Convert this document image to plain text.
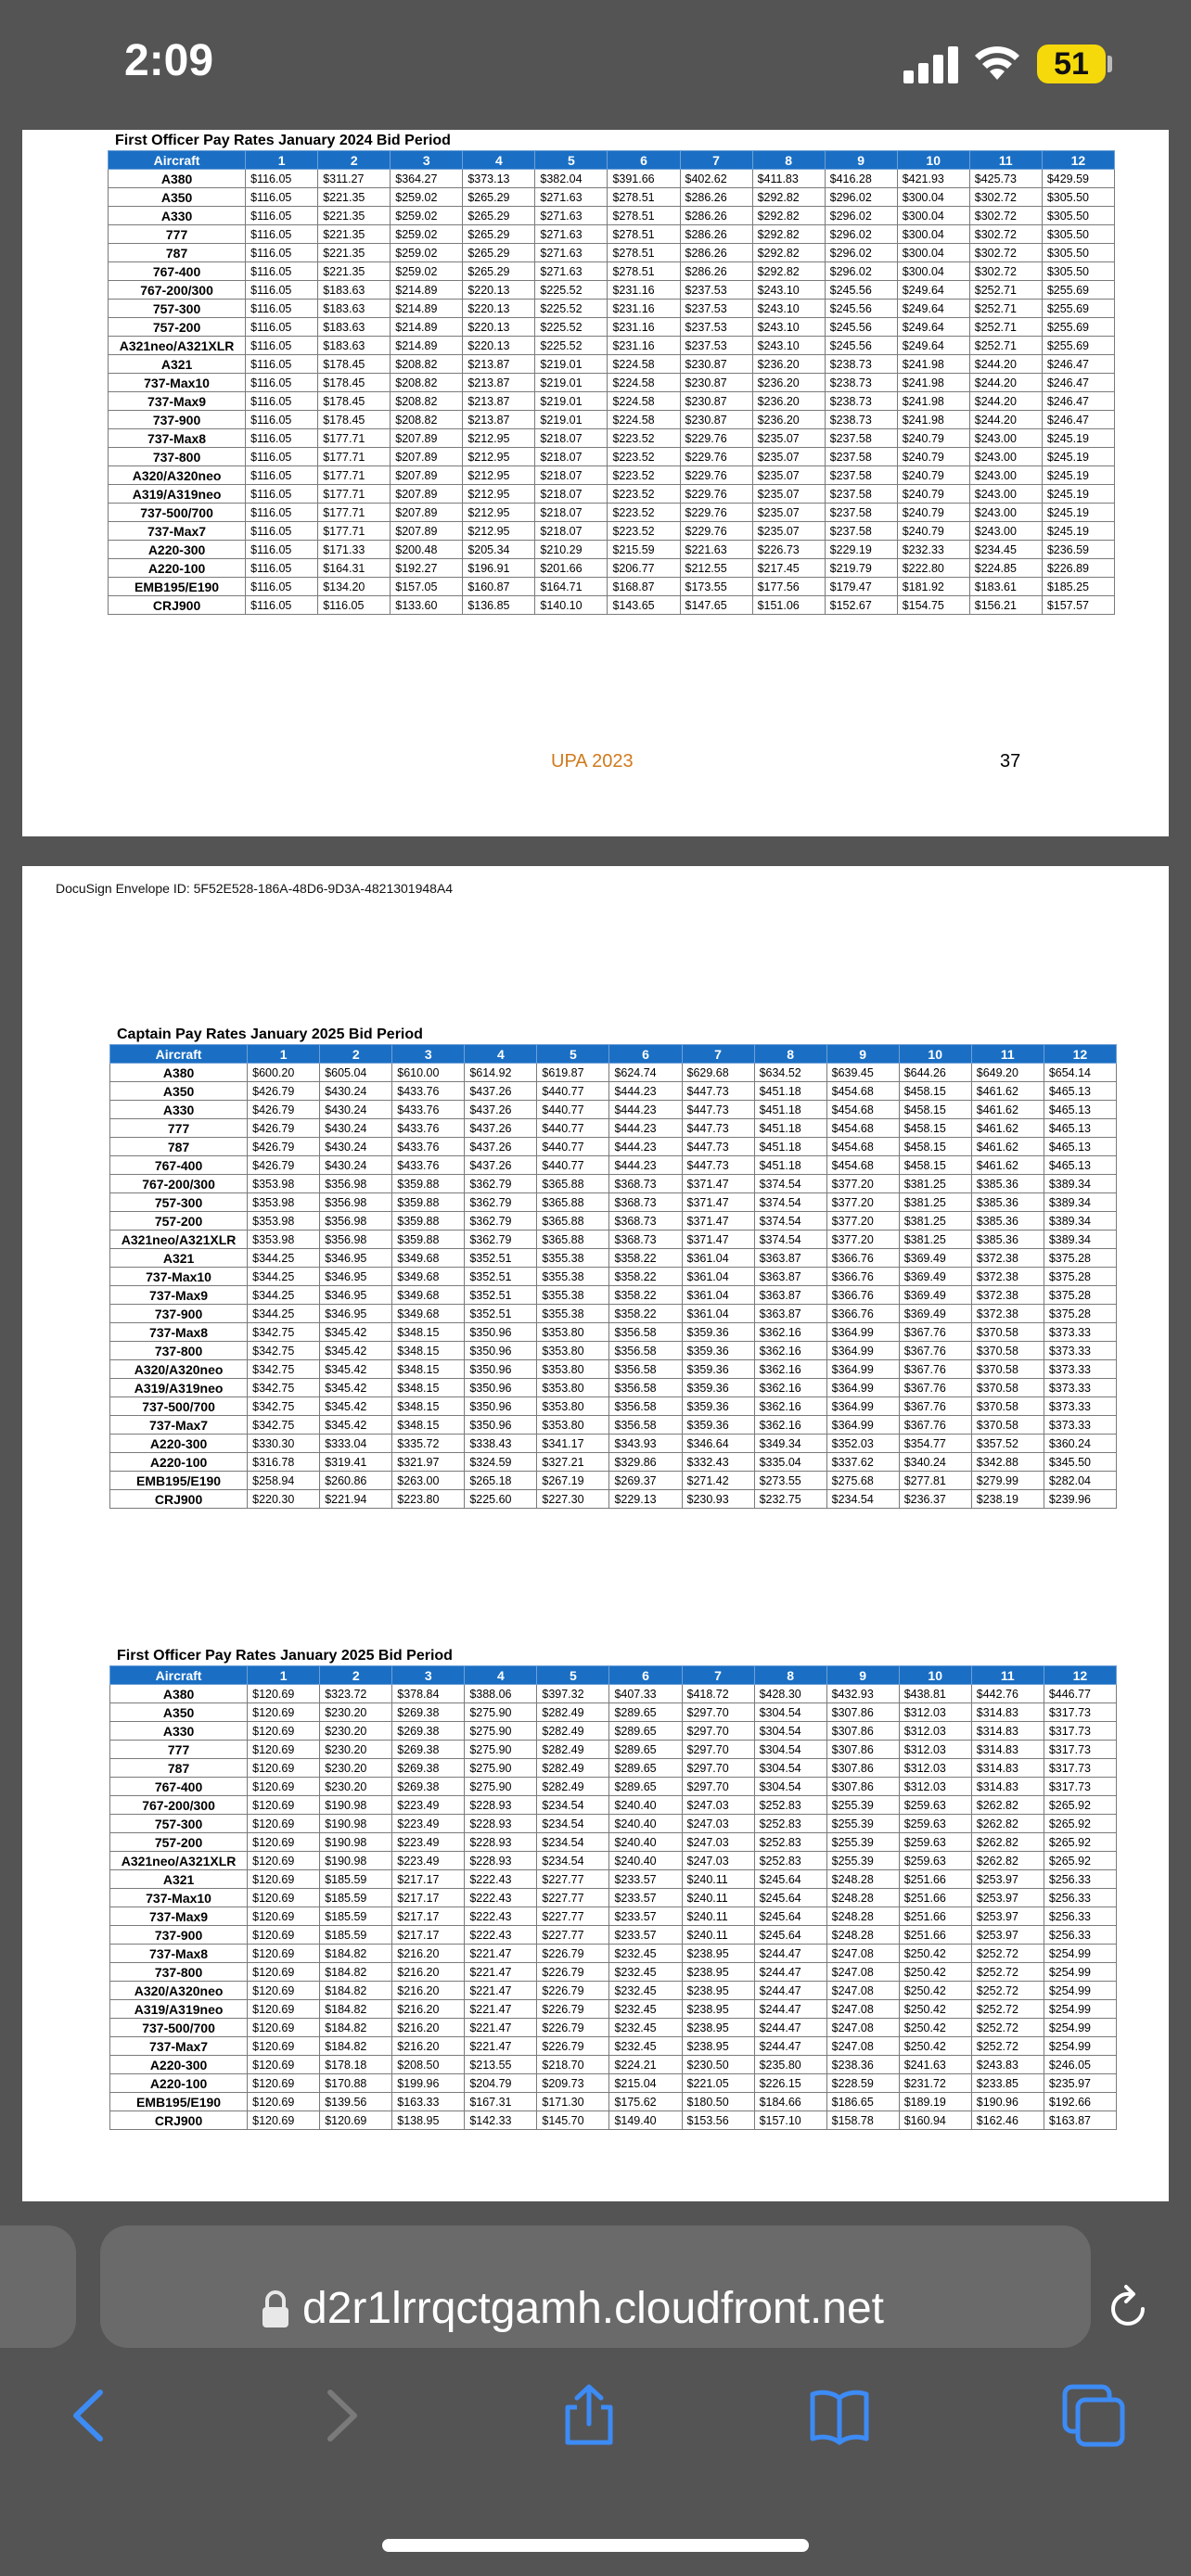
2:09	51
First Officer Pay Rates January 2024 Bid Period
Aircraft	1	2	3	4	5	6	7	8	9	10	11	12
A380	$116.05	$311.27	$364.27	$373.13	$382.04	$391.66	$402.62	$411.83	$416.28	$421.93	$425.73	$429.59
A350	$116.05	$221.35	$259.02	$265.29	$271.63	$278.51	$286.26	$292.82	$296.02	$300.04	$302.72	$305.50
A330	$116.05	$221.35	$259.02	$265.29	$271.63	$278.51	$286.26	$292.82	$296.02	$300.04	$302.72	$305.50
777	$116.05	$221.35	$259.02	$265.29	$271.63	$278.51	$286.26	$292.82	$296.02	$300.04	$302.72	$305.50
787	$116.05	$221.35	$259.02	$265.29	$271.63	$278.51	$286.26	$292.82	$296.02	$300.04	$302.72	$305.50
767-400	$116.05	$221.35	$259.02	$265.29	$271.63	$278.51	$286.26	$292.82	$296.02	$300.04	$302.72	$305.50
767-200/300	$116.05	$183.63	$214.89	$220.13	$225.52	$231.16	$237.53	$243.10	$245.56	$249.64	$252.71	$255.69
757-300	$116.05	$183.63	$214.89	$220.13	$225.52	$231.16	$237.53	$243.10	$245.56	$249.64	$252.71	$255.69
757-200	$116.05	$183.63	$214.89	$220.13	$225.52	$231.16	$237.53	$243.10	$245.56	$249.64	$252.71	$255.69
A321neo/A321XLR	$116.05	$183.63	$214.89	$220.13	$225.52	$231.16	$237.53	$243.10	$245.56	$249.64	$252.71	$255.69
A321	$116.05	$178.45	$208.82	$213.87	$219.01	$224.58	$230.87	$236.20	$238.73	$241.98	$244.20	$246.47
737-Max10	$116.05	$178.45	$208.82	$213.87	$219.01	$224.58	$230.87	$236.20	$238.73	$241.98	$244.20	$246.47
737-Max9	$116.05	$178.45	$208.82	$213.87	$219.01	$224.58	$230.87	$236.20	$238.73	$241.98	$244.20	$246.47
737-900	$116.05	$178.45	$208.82	$213.87	$219.01	$224.58	$230.87	$236.20	$238.73	$241.98	$244.20	$246.47
737-Max8	$116.05	$177.71	$207.89	$212.95	$218.07	$223.52	$229.76	$235.07	$237.58	$240.79	$243.00	$245.19
737-800	$116.05	$177.71	$207.89	$212.95	$218.07	$223.52	$229.76	$235.07	$237.58	$240.79	$243.00	$245.19
A320/A320neo	$116.05	$177.71	$207.89	$212.95	$218.07	$223.52	$229.76	$235.07	$237.58	$240.79	$243.00	$245.19
A319/A319neo	$116.05	$177.71	$207.89	$212.95	$218.07	$223.52	$229.76	$235.07	$237.58	$240.79	$243.00	$245.19
737-500/700	$116.05	$177.71	$207.89	$212.95	$218.07	$223.52	$229.76	$235.07	$237.58	$240.79	$243.00	$245.19
737-Max7	$116.05	$177.71	$207.89	$212.95	$218.07	$223.52	$229.76	$235.07	$237.58	$240.79	$243.00	$245.19
A220-300	$116.05	$171.33	$200.48	$205.34	$210.29	$215.59	$221.63	$226.73	$229.19	$232.33	$234.45	$236.59
A220-100	$116.05	$164.31	$192.27	$196.91	$201.66	$206.77	$212.55	$217.45	$219.79	$222.80	$224.85	$226.89
EMB195/E190	$116.05	$134.20	$157.05	$160.87	$164.71	$168.87	$173.55	$177.56	$179.47	$181.92	$183.61	$185.25
CRJ900	$116.05	$116.05	$133.60	$136.85	$140.10	$143.65	$147.65	$151.06	$152.67	$154.75	$156.21	$157.57
UPA 2023	37
DocuSign Envelope ID: 5F52E528-186A-48D6-9D3A-4821301948A4
Captain Pay Rates January 2025 Bid Period
Aircraft	1	2	3	4	5	6	7	8	9	10	11	12
A380	$600.20	$605.04	$610.00	$614.92	$619.87	$624.74	$629.68	$634.52	$639.45	$644.26	$649.20	$654.14
A350	$426.79	$430.24	$433.76	$437.26	$440.77	$444.23	$447.73	$451.18	$454.68	$458.15	$461.62	$465.13
A330	$426.79	$430.24	$433.76	$437.26	$440.77	$444.23	$447.73	$451.18	$454.68	$458.15	$461.62	$465.13
777	$426.79	$430.24	$433.76	$437.26	$440.77	$444.23	$447.73	$451.18	$454.68	$458.15	$461.62	$465.13
787	$426.79	$430.24	$433.76	$437.26	$440.77	$444.23	$447.73	$451.18	$454.68	$458.15	$461.62	$465.13
767-400	$426.79	$430.24	$433.76	$437.26	$440.77	$444.23	$447.73	$451.18	$454.68	$458.15	$461.62	$465.13
767-200/300	$353.98	$356.98	$359.88	$362.79	$365.88	$368.73	$371.47	$374.54	$377.20	$381.25	$385.36	$389.34
757-300	$353.98	$356.98	$359.88	$362.79	$365.88	$368.73	$371.47	$374.54	$377.20	$381.25	$385.36	$389.34
757-200	$353.98	$356.98	$359.88	$362.79	$365.88	$368.73	$371.47	$374.54	$377.20	$381.25	$385.36	$389.34
A321neo/A321XLR	$353.98	$356.98	$359.88	$362.79	$365.88	$368.73	$371.47	$374.54	$377.20	$381.25	$385.36	$389.34
A321	$344.25	$346.95	$349.68	$352.51	$355.38	$358.22	$361.04	$363.87	$366.76	$369.49	$372.38	$375.28
737-Max10	$344.25	$346.95	$349.68	$352.51	$355.38	$358.22	$361.04	$363.87	$366.76	$369.49	$372.38	$375.28
737-Max9	$344.25	$346.95	$349.68	$352.51	$355.38	$358.22	$361.04	$363.87	$366.76	$369.49	$372.38	$375.28
737-900	$344.25	$346.95	$349.68	$352.51	$355.38	$358.22	$361.04	$363.87	$366.76	$369.49	$372.38	$375.28
737-Max8	$342.75	$345.42	$348.15	$350.96	$353.80	$356.58	$359.36	$362.16	$364.99	$367.76	$370.58	$373.33
737-800	$342.75	$345.42	$348.15	$350.96	$353.80	$356.58	$359.36	$362.16	$364.99	$367.76	$370.58	$373.33
A320/A320neo	$342.75	$345.42	$348.15	$350.96	$353.80	$356.58	$359.36	$362.16	$364.99	$367.76	$370.58	$373.33
A319/A319neo	$342.75	$345.42	$348.15	$350.96	$353.80	$356.58	$359.36	$362.16	$364.99	$367.76	$370.58	$373.33
737-500/700	$342.75	$345.42	$348.15	$350.96	$353.80	$356.58	$359.36	$362.16	$364.99	$367.76	$370.58	$373.33
737-Max7	$342.75	$345.42	$348.15	$350.96	$353.80	$356.58	$359.36	$362.16	$364.99	$367.76	$370.58	$373.33
A220-300	$330.30	$333.04	$335.72	$338.43	$341.17	$343.93	$346.64	$349.34	$352.03	$354.77	$357.52	$360.24
A220-100	$316.78	$319.41	$321.97	$324.59	$327.21	$329.86	$332.43	$335.04	$337.62	$340.24	$342.88	$345.50
EMB195/E190	$258.94	$260.86	$263.00	$265.18	$267.19	$269.37	$271.42	$273.55	$275.68	$277.81	$279.99	$282.04
CRJ900	$220.30	$221.94	$223.80	$225.60	$227.30	$229.13	$230.93	$232.75	$234.54	$236.37	$238.19	$239.96
First Officer Pay Rates January 2025 Bid Period
Aircraft	1	2	3	4	5	6	7	8	9	10	11	12
A380	$120.69	$323.72	$378.84	$388.06	$397.32	$407.33	$418.72	$428.30	$432.93	$438.81	$442.76	$446.77
A350	$120.69	$230.20	$269.38	$275.90	$282.49	$289.65	$297.70	$304.54	$307.86	$312.03	$314.83	$317.73
A330	$120.69	$230.20	$269.38	$275.90	$282.49	$289.65	$297.70	$304.54	$307.86	$312.03	$314.83	$317.73
777	$120.69	$230.20	$269.38	$275.90	$282.49	$289.65	$297.70	$304.54	$307.86	$312.03	$314.83	$317.73
787	$120.69	$230.20	$269.38	$275.90	$282.49	$289.65	$297.70	$304.54	$307.86	$312.03	$314.83	$317.73
767-400	$120.69	$230.20	$269.38	$275.90	$282.49	$289.65	$297.70	$304.54	$307.86	$312.03	$314.83	$317.73
767-200/300	$120.69	$190.98	$223.49	$228.93	$234.54	$240.40	$247.03	$252.83	$255.39	$259.63	$262.82	$265.92
757-300	$120.69	$190.98	$223.49	$228.93	$234.54	$240.40	$247.03	$252.83	$255.39	$259.63	$262.82	$265.92
757-200	$120.69	$190.98	$223.49	$228.93	$234.54	$240.40	$247.03	$252.83	$255.39	$259.63	$262.82	$265.92
A321neo/A321XLR	$120.69	$190.98	$223.49	$228.93	$234.54	$240.40	$247.03	$252.83	$255.39	$259.63	$262.82	$265.92
A321	$120.69	$185.59	$217.17	$222.43	$227.77	$233.57	$240.11	$245.64	$248.28	$251.66	$253.97	$256.33
737-Max10	$120.69	$185.59	$217.17	$222.43	$227.77	$233.57	$240.11	$245.64	$248.28	$251.66	$253.97	$256.33
737-Max9	$120.69	$185.59	$217.17	$222.43	$227.77	$233.57	$240.11	$245.64	$248.28	$251.66	$253.97	$256.33
737-900	$120.69	$185.59	$217.17	$222.43	$227.77	$233.57	$240.11	$245.64	$248.28	$251.66	$253.97	$256.33
737-Max8	$120.69	$184.82	$216.20	$221.47	$226.79	$232.45	$238.95	$244.47	$247.08	$250.42	$252.72	$254.99
737-800	$120.69	$184.82	$216.20	$221.47	$226.79	$232.45	$238.95	$244.47	$247.08	$250.42	$252.72	$254.99
A320/A320neo	$120.69	$184.82	$216.20	$221.47	$226.79	$232.45	$238.95	$244.47	$247.08	$250.42	$252.72	$254.99
A319/A319neo	$120.69	$184.82	$216.20	$221.47	$226.79	$232.45	$238.95	$244.47	$247.08	$250.42	$252.72	$254.99
737-500/700	$120.69	$184.82	$216.20	$221.47	$226.79	$232.45	$238.95	$244.47	$247.08	$250.42	$252.72	$254.99
737-Max7	$120.69	$184.82	$216.20	$221.47	$226.79	$232.45	$238.95	$244.47	$247.08	$250.42	$252.72	$254.99
A220-300	$120.69	$178.18	$208.50	$213.55	$218.70	$224.21	$230.50	$235.80	$238.36	$241.63	$243.83	$246.05
A220-100	$120.69	$170.88	$199.96	$204.79	$209.73	$215.04	$221.05	$226.15	$228.59	$231.72	$233.85	$235.97
EMB195/E190	$120.69	$139.56	$163.33	$167.31	$171.30	$175.62	$180.50	$184.66	$186.65	$189.19	$190.96	$192.66
CRJ900	$120.69	$120.69	$138.95	$142.33	$145.70	$149.40	$153.56	$157.10	$158.78	$160.94	$162.46	$163.87
d2r1lrrqctgamh.cloudfront.net
